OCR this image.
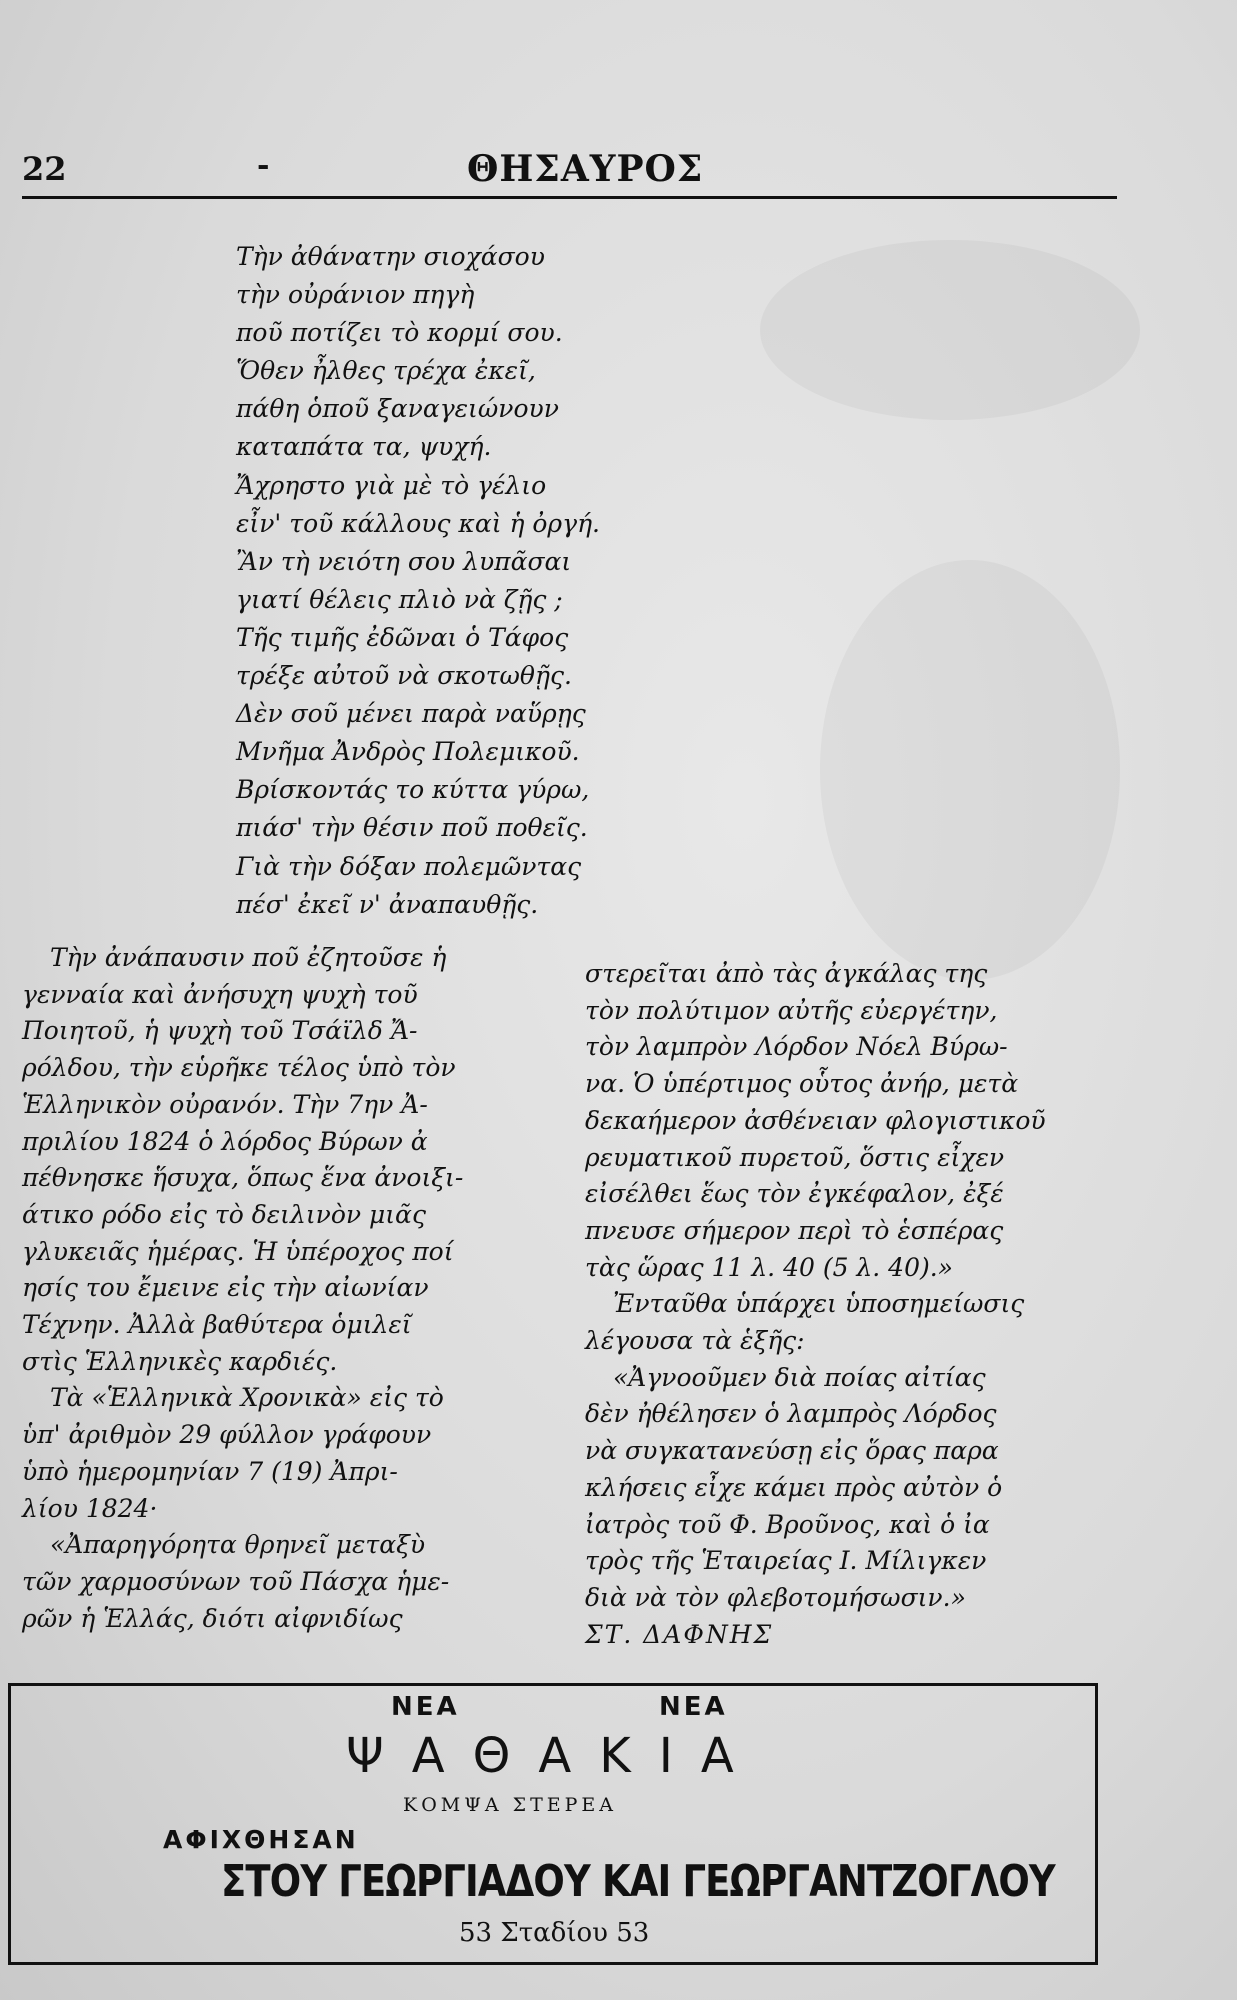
22	-	ΘΗΣΑΥΡΟΣ
Τὴν ἀθάνατην σιοχάσου
τὴν οὐράνιον πηγὴ
ποῦ ποτίζει τὸ κορμί σου.
Ὅθεν ἦλθες τρέχα ἐκεῖ,
πάθη ὁποῦ ξαναγειώνουν
καταπάτα τα, ψυχή.
Ἄχρηστο γιὰ μὲ τὸ γέλιο
εἶν' τοῦ κάλλους καὶ ἡ ὀργή.
Ἂν τὴ νειότη σου λυπᾶσαι
γιατί θέλεις πλιὸ νὰ ζῇς ;
Τῆς τιμῆς ἐδῶναι ὁ Τάφος
τρέξε αὐτοῦ νὰ σκοτωθῇς.
Δὲν σοῦ μένει παρὰ ναὕρῃς
Μνῆμα Ἀνδρὸς Πολεμικοῦ.
Βρίσκοντάς το κύττα γύρω,
πιάσ' τὴν θέσιν ποῦ ποθεῖς.
Γιὰ τὴν δόξαν πολεμῶντας
πέσ' ἐκεῖ ν' ἀναπαυθῇς.
Τὴν ἀνάπαυσιν ποῦ ἐζητοῦσε ἡ
γενναία καὶ ἀνήσυχη ψυχὴ τοῦ
Ποιητοῦ, ἡ ψυχὴ τοῦ Τσάϊλδ Ἄ-
ρόλδου, τὴν εὑρῆκε τέλος ὑπὸ τὸν
Ἑλληνικὸν οὐρανόν. Τὴν 7ην Ἀ-
πριλίου 1824 ὁ λόρδος Βύρων ἀ
πέθνησκε ἥσυχα, ὅπως ἕνα ἀνοιξι-
άτικο ρόδο εἰς τὸ δειλινὸν μιᾶς
γλυκειᾶς ἡμέρας. Ἡ ὑπέροχος ποί
ησίς του ἔμεινε εἰς τὴν αἰωνίαν
Τέχνην. Ἀλλὰ βαθύτερα ὁμιλεῖ
στὶς Ἑλληνικὲς καρδιές.
Τὰ «Ἑλληνικὰ Χρονικὰ» εἰς τὸ
ὑπ' ἀριθμὸν 29 φύλλον γράφουν
ὑπὸ ἡμερομηνίαν 7 (19) Ἀπρι-
λίου 1824·
«Ἀπαρηγόρητα θρηνεῖ μεταξὺ
τῶν χαρμοσύνων τοῦ Πάσχα ἡμε-
ρῶν ἡ Ἑλλάς, διότι αἰφνιδίως
στερεῖται ἀπὸ τὰς ἀγκάλας της
τὸν πολύτιμον αὐτῆς εὐεργέτην,
τὸν λαμπρὸν Λόρδον Νόελ Βύρω-
να. Ὁ ὑπέρτιμος οὗτος ἀνήρ, μετὰ
δεκαήμερον ἀσθένειαν φλογιστικοῦ
ρευματικοῦ πυρετοῦ, ὅστις εἶχεν
εἰσέλθει ἕως τὸν ἐγκέφαλον, ἐξέ
πνευσε σήμερον περὶ τὸ ἑσπέρας
τὰς ὥρας 11 λ. 40 (5 λ. 40).»
Ἐνταῦθα ὑπάρχει ὑποσημείωσις
λέγουσα τὰ ἑξῆς:
«Ἀγνοοῦμεν διὰ ποίας αἰτίας
δὲν ἠθέλησεν ὁ λαμπρὸς Λόρδος
νὰ συγκατανεύσῃ εἰς ὅρας παρα
κλήσεις εἶχε κάμει πρὸς αὐτὸν ὁ
ἰατρὸς τοῦ Φ. Βροῦνος, καὶ ὁ ἰα
τρὸς τῆς Ἑταιρείας Ι. Μίλιγκεν
διὰ νὰ τὸν φλεβοτομήσωσιν.»
ΣΤ. ΔΑΦΝΗΣ
ΝΕΑ	ΝΕΑ
ΨΑΘΑΚΙΑ
ΚΟΜΨΑ ΣΤΕΡΕΑ
ΑΦΙΧΘΗΣΑΝ
ΣΤΟΥ ΓΕΩΡΓΙΑΔΟΥ ΚΑΙ ΓΕΩΡΓΑΝΤΖΟΓΛΟΥ
53 Σταδίου 53
